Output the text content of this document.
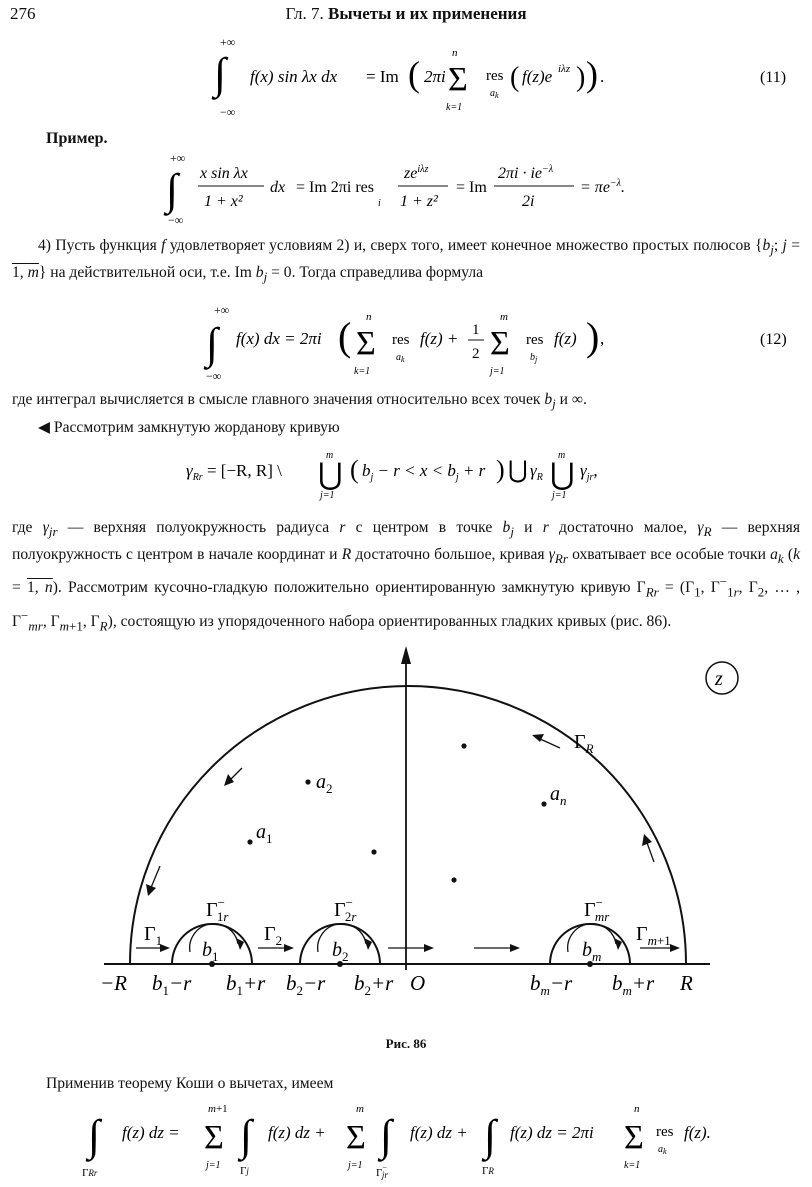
276	Гл. 7. Вычеты и их применения
+∞
∫
−∞
f(x) sin λx dx = Im ( 2πi
n
Σ
k=1
res
$a_k$
( f(z)e iλz ) ) .	(11)
Пример.
+∞
∫
−∞
x sin λx
1 + x²
dx = Im 2πi res
i
$ze^{i\lambda z}$
1 + z²
= Im
$2\pi i \cdot ie^{-\lambda}$
2i
= $\pi e^{-\lambda}$.
4) Пусть функция f удовлетворяет условиям 2) и, сверх того, имеет конечное множество простых полюсов {$b_j$; j = 1, m} на действительной оси, т.е. Im $b_j = 0$. Тогда справедлива формула
+∞
∫
−∞
f(x) dx = 2πi ( n
Σ
k=1
res
$a_k$
f(z) + 1
2
m
Σ
j=1
res
$b_j$
f(z) ) ,	(12)
где интеграл вычисляется в смысле главного значения относительно всех точек $b_j$ и ∞.
◀ Рассмотрим замкнутую жорданову кривую
$\gamma_{Rr} = [-R$, R] \
m
⋃
j=1
( $b_j - r < x < b_j + r$ ) ⋃ $\gamma_R$
m
⋃
j=1
$\gamma_{jr}$,
где $\gamma_{jr}$ — верхняя полуокружность радиуса r с центром в точке $b_j$ и r достаточно малое, $\gamma_R$ — верхняя полуокружность с центром в начале координат и R достаточно большое, кривая $\gamma_{Rr}$ охватывает все особые точки $a_k$ (k = 1, n). Рассмотрим кусочно-гладкую положительно ориентированную замкнутую кривую $\Gamma_{Rr} = (\Gamma_1$, $\Gamma^-_{1r}$, $\Gamma_2$, … , $\Gamma^-_{mr}$, $\Gamma_{m+1}$, $\Gamma_R$), состоящую из упорядоченного набора ориентированных гладких кривых (рис. 86).
z
$\Gamma_R$
$a_2$
$a_1$
$a_n$
$\Gamma_1$	$\Gamma_2$	$\Gamma_{m+1}$
Γ− 1r	Γ− 2r	Γ− mr
$b_1$	$b_2$	$b_m$
−R $b_1-r$ $b_1+r$ $b_2-r$ $b_2+r$ O	$b_m-r$ $b_m+r$ R
Рис. 86
Применив теорему Коши о вычетах, имеем
∫
ΓRr
f(z) dz =
m+1
Σ
j=1
∫
Γj
f(z) dz +
m
Σ
j=1
∫
Γ− jr
f(z) dz + ∫
ΓR
f(z) dz = 2πi
n
Σ
k=1
res
$a_k$
f(z).
